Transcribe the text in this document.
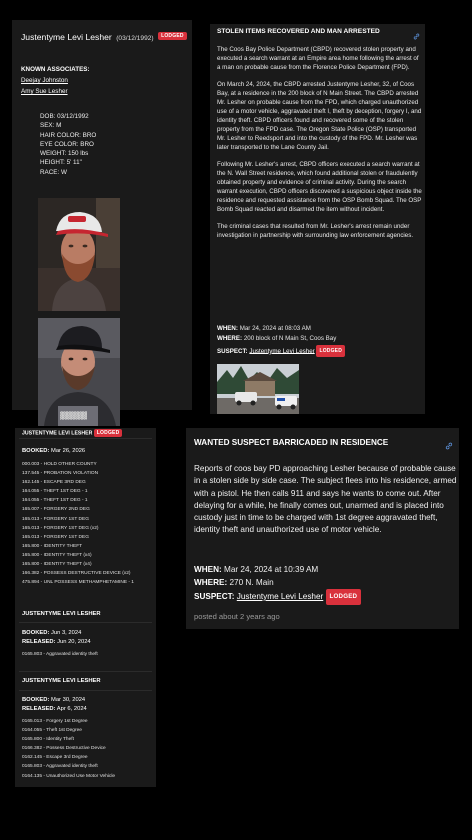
Justentyme Levi Lesher (03/12/1992) LODGED
KNOWN ASSOCIATES:
Deejay Johnston
Amy Sue Lesher
DOB: 03/12/1992
SEX: M
HAIR COLOR: BRO
EYE COLOR: BRO
WEIGHT: 150 lbs
HEIGHT: 5' 11"
RACE: W
▓▓▓▓▓
STOLEN ITEMS RECOVERED AND MAN ARRESTED

The Coos Bay Police Department (CBPD) recovered stolen property and executed a search warrant at an Empire area home following the arrest of a man on probable cause from the Florence Police Department (FPD).

On March 24, 2024, the CBPD arrested Justentyme Lesher, 32, of Coos Bay, at a residence in the 200 block of N Main Street. The CBPD arrested Mr. Lesher on probable cause from the FPD, which charged unauthorized use of a motor vehicle, aggravated theft I, theft by deception, forgery I, and identity theft. CBPD officers found and recovered some of the stolen property from the FPD case. The Oregon State Police (OSP) transported Mr. Lesher to Reedsport and into the custody of the FPD. Mr. Lesher was later transported to the Lane County Jail.

Following Mr. Lesher's arrest, CBPD officers executed a search warrant at the N. Wall Street residence, which found additional stolen or fraudulently obtained property and evidence of criminal activity. During the search warrant execution, CBPD officers discovered a suspicious object inside the residence and requested assistance from the OSP Bomb Squad. The OSP Bomb Squad reacted and disarmed the item without incident.

The criminal cases that resulted from Mr. Lesher's arrest remain under investigation in partnership with surrounding law enforcement agencies.

WHEN: Mar 24, 2024 at 08:03 AM
WHERE: 200 block of N Main St, Coos Bay
SUSPECT: Justentyme Levi Lesher LODGED
JUSTENTYME LEVI LESHER LODGED
BOOKED: Mar 26, 2026
000.003 - HOLD OTHER COUNTY
137.545 - PROBATION VIOLATION
162.145 - ESCAPE 3RD DEG
164.055 - THEFT 1ST DEG - 1
164.055 - THEFT 1ST DEG - 1
165.007 - FORGERY 2ND DEG
165.013 - FORGERY 1ST DEG
165.013 - FORGERY 1ST DEG (x2)
165.013 - FORGERY 1ST DEG
165.800 - IDENTITY THEFT
165.800 - IDENTITY THEFT (x4)
165.800 - IDENTITY THEFT (x4)
166.382 - POSSESS DESTRUCTIVE DEVICE (x2)
475.894 - UNL POSSESS METHAMPHETAMINE - 1
JUSTENTYME LEVI LESHER
BOOKED: Jun 3, 2024
RELEASED: Jun 20, 2024
0165.803 - Aggravated identity theft
JUSTENTYME LEVI LESHER
BOOKED: Mar 30, 2024
RELEASED: Apr 6, 2024
0165.013 - Forgery 1st Degree
0164.055 - Theft 1st Degree
0165.800 - Identity Theft
0166.382 - Possess Destructive Device
0162.145 - Escape 3rd Degree
0165.803 - Aggravated identity theft
0164.135 - Unauthorized Use Motor Vehicle
WANTED SUSPECT BARRICADED IN RESIDENCE
Reports of coos bay PD approaching Lesher because of probable cause in a stolen side by side case. The subject flees into his residence, armed with a pistol. He then calls 911 and says he wants to come out. After delaying for a while, he finally comes out, unarmed and is placed into custody just in time to be charged with 1st degree aggravated theft, identity theft and unauthorized use of motor vehicle.
WHEN: Mar 24, 2024 at 10:39 AM
WHERE: 270 N. Main
SUSPECT: Justentyme Levi Lesher LODGED
posted about 2 years ago
